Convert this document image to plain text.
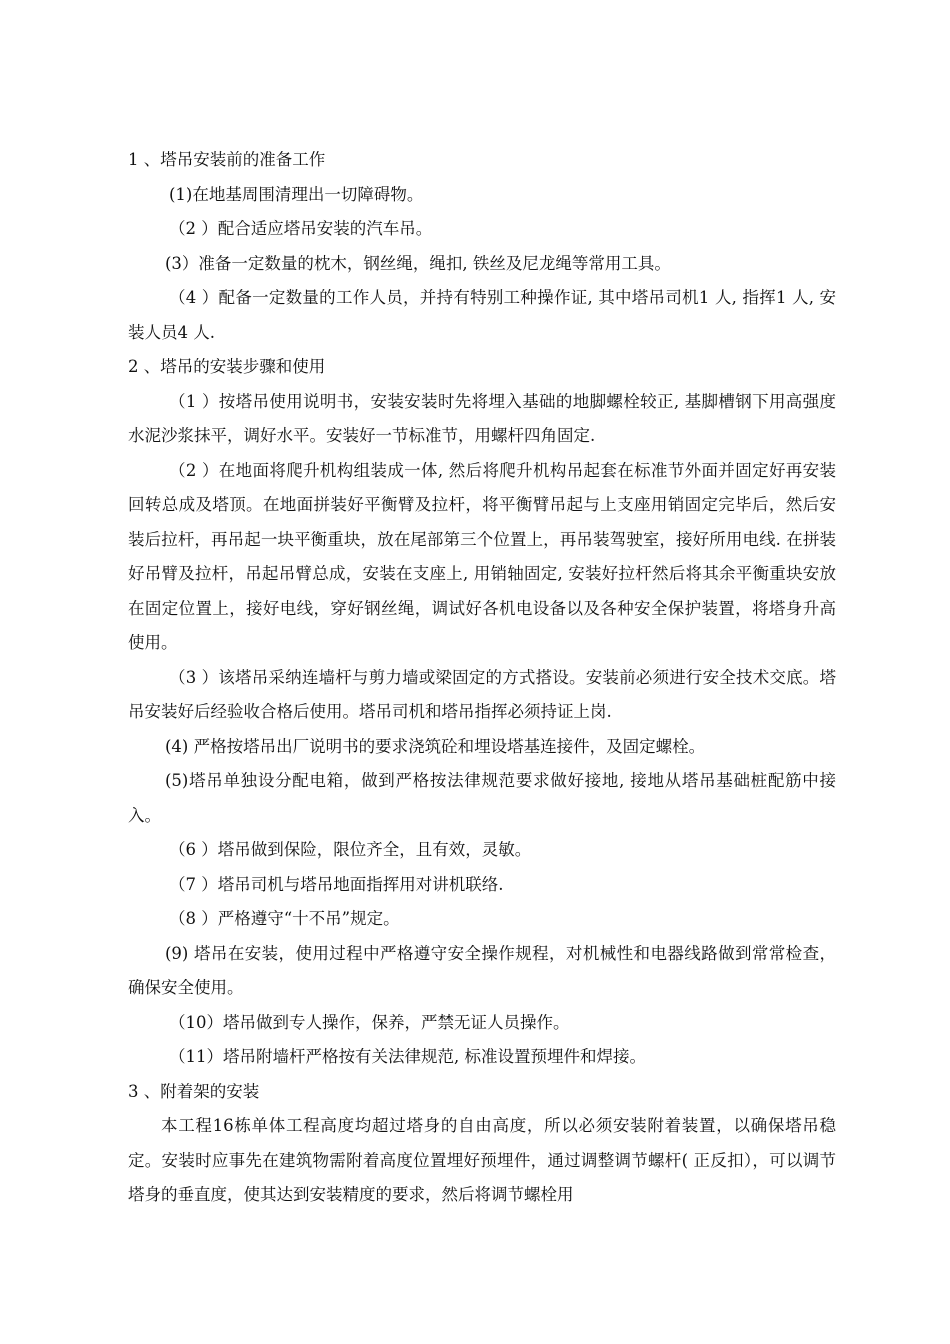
1 、塔吊安装前的准备工作

(1)在地基周围清理出一切障碍物。

（2 ）配合适应塔吊安装的汽车吊。

(3）准备一定数量的枕木，钢丝绳，绳扣, 铁丝及尼龙绳等常用工具。

（4 ）配备一定数量的工作人员，并持有特别工种操作证, 其中塔吊司机1 人, 指挥1 人, 安装人员4 人.

2 、塔吊的安装步骤和使用

（1 ）按塔吊使用说明书，安装安装时先将埋入基础的地脚螺栓较正, 基脚槽钢下用高强度水泥沙浆抹平，调好水平。安装好一节标准节，用螺杆四角固定.

（2 ）在地面将爬升机构组装成一体, 然后将爬升机构吊起套在标准节外面并固定好再安装回转总成及塔顶。在地面拼装好平衡臂及拉杆，将平衡臂吊起与上支座用销固定完毕后，然后安装后拉杆，再吊起一块平衡重块，放在尾部第三个位置上，再吊装驾驶室，接好所用电线. 在拼装好吊臂及拉杆，吊起吊臂总成，安装在支座上, 用销轴固定, 安装好拉杆然后将其余平衡重块安放在固定位置上，接好电线，穿好钢丝绳，调试好各机电设备以及各种安全保护装置，将塔身升高使用。

（3 ）该塔吊采纳连墙杆与剪力墙或梁固定的方式搭设。安装前必须进行安全技术交底。塔吊安装好后经验收合格后使用。塔吊司机和塔吊指挥必须持证上岗.

(4) 严格按塔吊出厂说明书的要求浇筑砼和埋设塔基连接件，及固定螺栓。

(5)塔吊单独设分配电箱，做到严格按法律规范要求做好接地, 接地从塔吊基础桩配筋中接入。

（6 ）塔吊做到保险，限位齐全，且有效，灵敏。

（7 ）塔吊司机与塔吊地面指挥用对讲机联络.

（8 ）严格遵守“十不吊”规定。

(9) 塔吊在安装，使用过程中严格遵守安全操作规程，对机械性和电器线路做到常常检查，确保安全使用。

（10）塔吊做到专人操作，保养，严禁无证人员操作。

（11）塔吊附墙杆严格按有关法律规范, 标准设置预埋件和焊接。

3 、附着架的安装

本工程16栋单体工程高度均超过塔身的自由高度，所以必须安装附着装置，以确保塔吊稳定。安装时应事先在建筑物需附着高度位置埋好预埋件，通过调整调节螺杆( 正反扣），可以调节塔身的垂直度，使其达到安装精度的要求，然后将调节螺栓用
